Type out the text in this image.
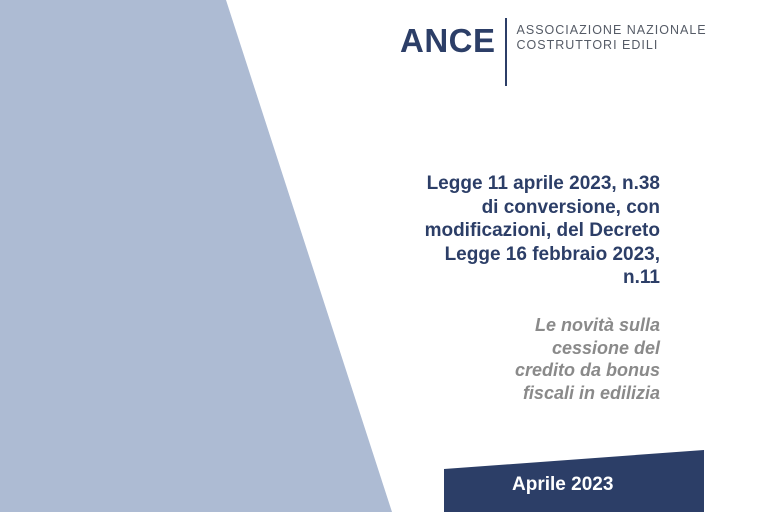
ANCE ASSOCIAZIONE NAZIONALE
COSTRUTTORI EDILI
Legge 11 aprile 2023, n.38
di conversione, con
modificazioni, del Decreto
Legge 16 febbraio 2023,
n.11
Le novità sulla
cessione del
credito da bonus
fiscali in edilizia
Aprile 2023
